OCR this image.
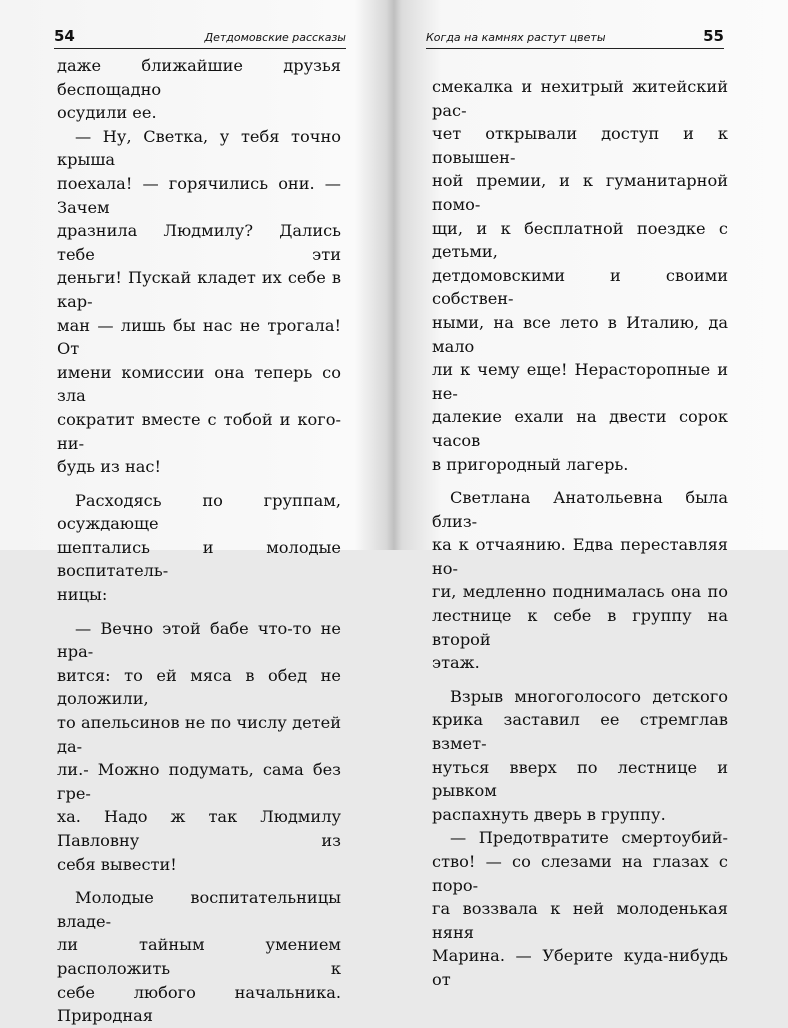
54	Детдомовские рассказы
даже ближайшие друзья беспощадно
осудили ее.
— Ну, Светка, у тебя точно крыша
поехала! — горячились они. — Зачем
дразнила Людмилу? Дались тебе эти
деньги! Пускай кладет их себе в кар-
ман — лишь бы нас не трогала! От
имени комиссии она теперь со зла
сократит вместе с тобой и кого-ни-
будь из нас!
Расходясь по группам, осуждающе
шептались и молодые воспитатель-
ницы:
— Вечно этой бабе что-то не нра-
вится: то ей мяса в обед не доложили,
то апельсинов не по числу детей да-
ли.- Можно подумать, сама без гре-
ха. Надо ж так Людмилу Павловну из
себя вывести!
Молодые воспитательницы владе-
ли тайным умением расположить к
себе любого начальника. Природная
Когда на камнях растут цветы	55
смекалка и нехитрый житейский рас-
чет открывали доступ и к повышен-
ной премии, и к гуманитарной помо-
щи, и к бесплатной поездке с детьми,
детдомовскими и своими собствен-
ными, на все лето в Италию, да мало
ли к чему еще! Нерасторопные и не-
далекие ехали на двести сорок часов
в пригородный лагерь.
Светлана Анатольевна была близ-
ка к отчаянию. Едва переставляя но-
ги, медленно поднималась она по
лестнице к себе в группу на второй
этаж.
Взрыв многоголосого детского
крика заставил ее стремглав взмет-
нуться вверх по лестнице и рывком
распахнуть дверь в группу.
— Предотвратите смертоубий-
ство! — со слезами на глазах с поро-
га воззвала к ней молоденькая няня
Марина. — Уберите куда-нибудь от
